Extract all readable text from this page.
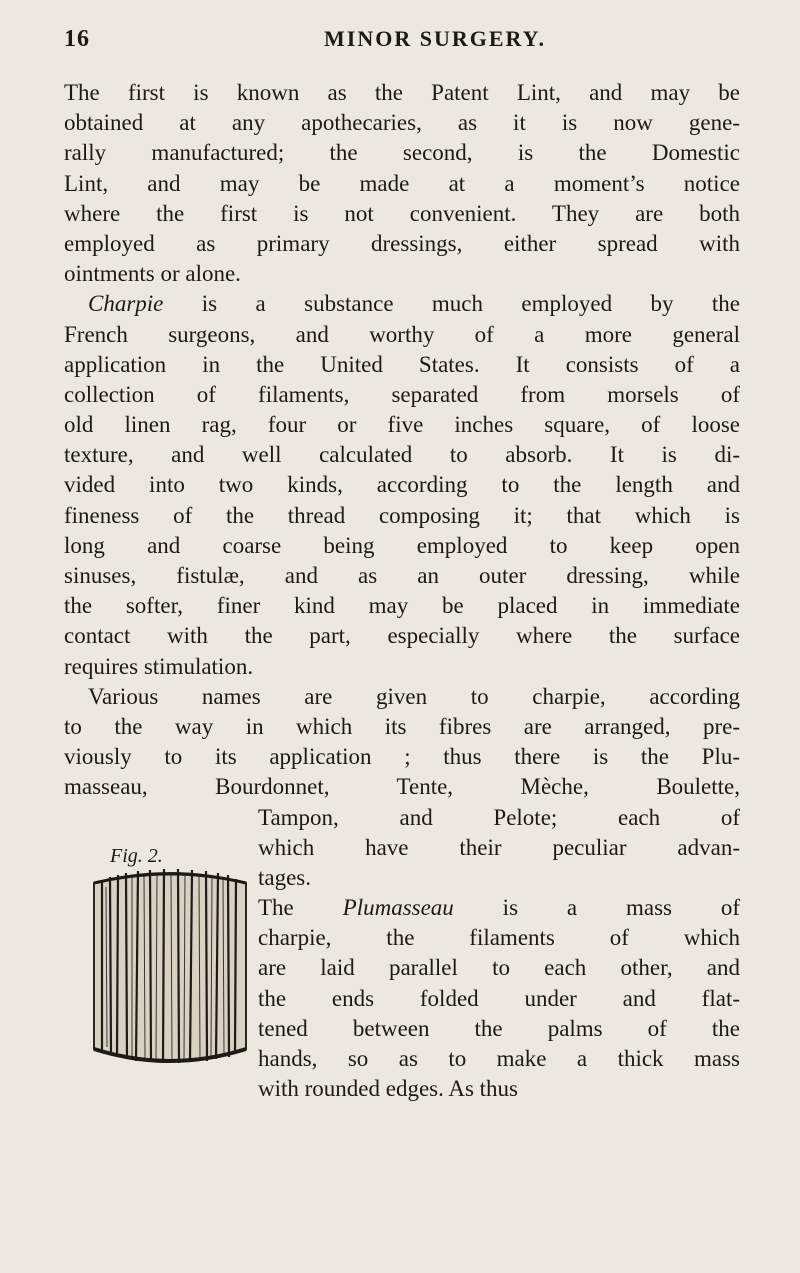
16	MINOR SURGERY.
The first is known as the Patent Lint, and may be
obtained at any apothecaries, as it is now gene-
rally manufactured; the second, is the Domestic
Lint, and may be made at a moment’s notice
where the first is not convenient. They are both
employed as primary dressings, either spread with
ointments or alone.
Charpie is a substance much employed by the
French surgeons, and worthy of a more general
application in the United States. It consists of a
collection of filaments, separated from morsels of
old linen rag, four or five inches square, of loose
texture, and well calculated to absorb. It is di-
vided into two kinds, according to the length and
fineness of the thread composing it; that which is
long and coarse being employed to keep open
sinuses, fistulæ, and as an outer dressing, while
the softer, finer kind may be placed in immediate
contact with the part, especially where the surface
requires stimulation.
Various names are given to charpie, according
to the way in which its fibres are arranged, pre-
viously to its application ; thus there is the Plu-
masseau, Bourdonnet, Tente, Mèche, Boulette,
Tampon, and Pelote; each of
which have their peculiar advan-
tages.
The Plumasseau is a mass of
charpie, the filaments of which
are laid parallel to each other, and
the ends folded under and flat-
tened between the palms of the
hands, so as to make a thick mass
with rounded edges. As thus
Fig. 2.
